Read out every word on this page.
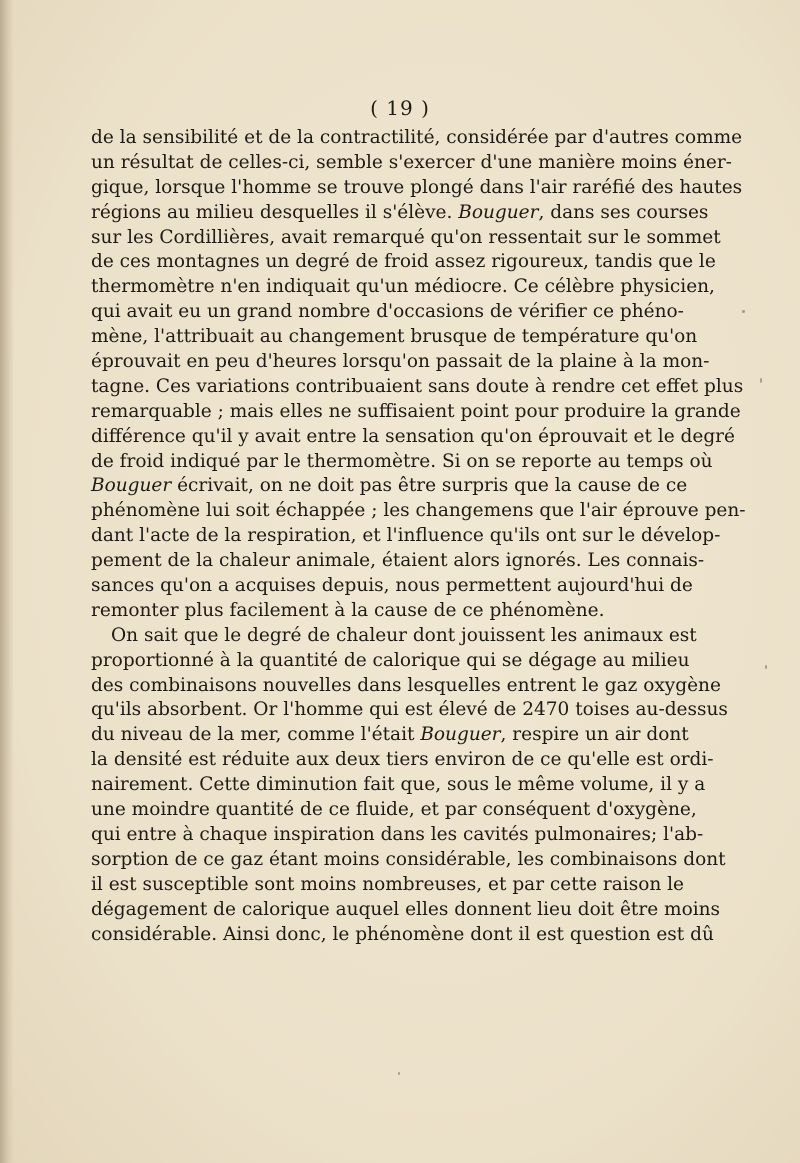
( 19 )

de la sensibilité et de la contractilité, considérée par d'autres comme
un résultat de celles-ci, semble s'exercer d'une manière moins éner-
gique, lorsque l'homme se trouve plongé dans l'air raréfié des hautes
régions au milieu desquelles il s'élève. Bouguer, dans ses courses
sur les Cordillières, avait remarqué qu'on ressentait sur le sommet
de ces montagnes un degré de froid assez rigoureux, tandis que le
thermomètre n'en indiquait qu'un médiocre. Ce célèbre physicien,
qui avait eu un grand nombre d'occasions de vérifier ce phéno-
mène, l'attribuait au changement brusque de température qu'on
éprouvait en peu d'heures lorsqu'on passait de la plaine à la mon-
tagne. Ces variations contribuaient sans doute à rendre cet effet plus
remarquable ; mais elles ne suffisaient point pour produire la grande
différence qu'il y avait entre la sensation qu'on éprouvait et le degré
de froid indiqué par le thermomètre. Si on se reporte au temps où
Bouguer écrivait, on ne doit pas être surpris que la cause de ce
phénomène lui soit échappée ; les changemens que l'air éprouve pen-
dant l'acte de la respiration, et l'influence qu'ils ont sur le dévelop-
pement de la chaleur animale, étaient alors ignorés. Les connais-
sances qu'on a acquises depuis, nous permettent aujourd'hui de
remonter plus facilement à la cause de ce phénomène.

On sait que le degré de chaleur dont jouissent les animaux est
proportionné à la quantité de calorique qui se dégage au milieu
des combinaisons nouvelles dans lesquelles entrent le gaz oxygène
qu'ils absorbent. Or l'homme qui est élevé de 2470 toises au-dessus
du niveau de la mer, comme l'était Bouguer, respire un air dont
la densité est réduite aux deux tiers environ de ce qu'elle est ordi-
nairement. Cette diminution fait que, sous le même volume, il y a
une moindre quantité de ce fluide, et par conséquent d'oxygène,
qui entre à chaque inspiration dans les cavités pulmonaires; l'ab-
sorption de ce gaz étant moins considérable, les combinaisons dont
il est susceptible sont moins nombreuses, et par cette raison le
dégagement de calorique auquel elles donnent lieu doit être moins
considérable. Ainsi donc, le phénomène dont il est question est dû
